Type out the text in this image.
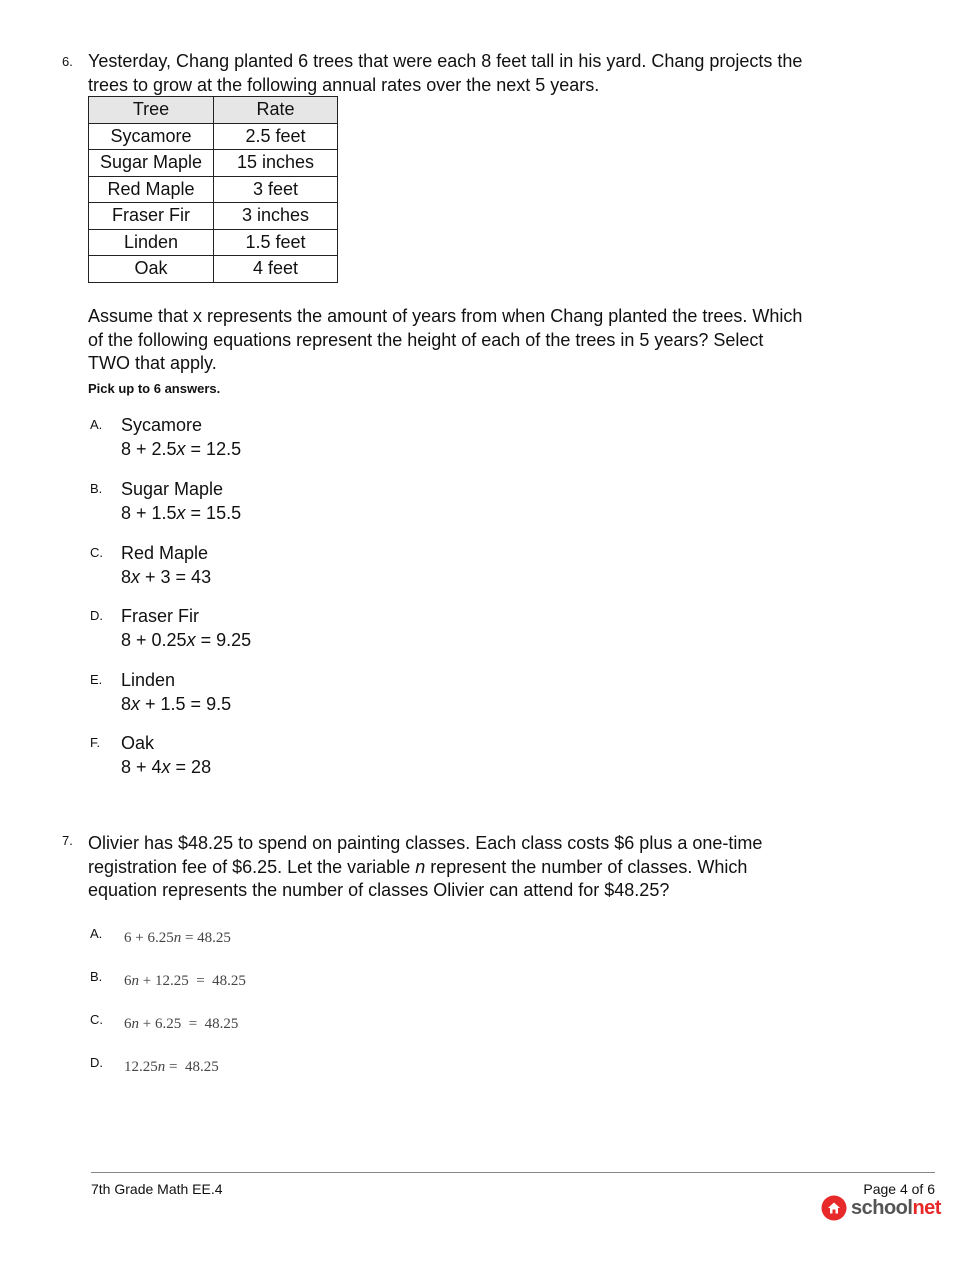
6. Yesterday, Chang planted 6 trees that were each 8 feet tall in his yard. Chang projects the
trees to grow at the following annual rates over the next 5 years.
Tree	Rate
Sycamore	2.5 feet
Sugar Maple	15 inches
Red Maple	3 feet
Fraser Fir	3 inches
Linden	1.5 feet
Oak	4 feet
Assume that x represents the amount of years from when Chang planted the trees. Which
of the following equations represent the height of each of the trees in 5 years? Select
TWO that apply.
Pick up to 6 answers.
A. Sycamore
8 + 2.5x = 12.5
B. Sugar Maple
8 + 1.5x = 15.5
C. Red Maple
8x + 3 = 43
D. Fraser Fir
8 + 0.25x = 9.25
E. Linden
8x + 1.5 = 9.5
F. Oak
8 + 4x = 28
7. Olivier has $48.25 to spend on painting classes. Each class costs $6 plus a one-time
registration fee of $6.25. Let the variable n represent the number of classes. Which
equation represents the number of classes Olivier can attend for $48.25?
A. 6 + 6.25n = 48.25
B. 6n + 12.25  =  48.25
C. 6n + 6.25  =  48.25
D. 12.25n =  48.25
7th Grade Math EE.4	Page 4 of 6
schoolnet
